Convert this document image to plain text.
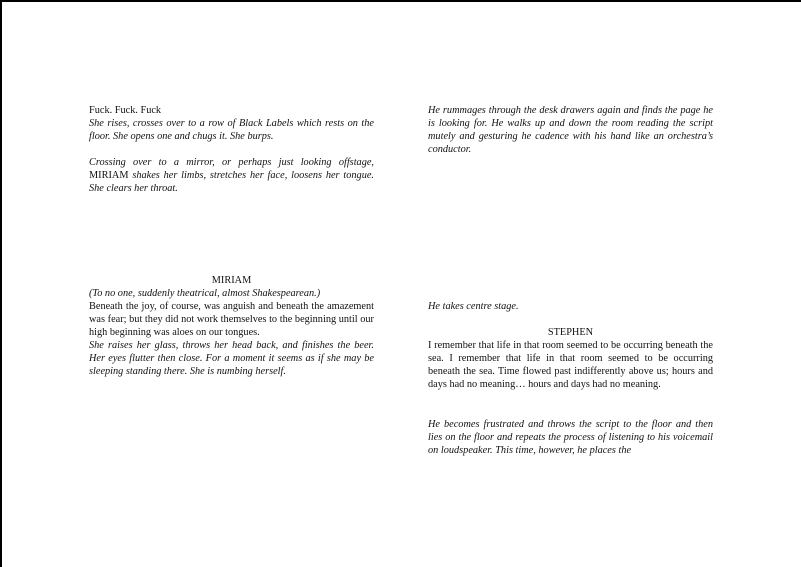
Fuck. Fuck. Fuck

She rises, crosses over to a row of Black Labels which rests on the floor. She opens one and chugs it. She burps.

Crossing over to a mirror, or perhaps just looking offstage, MIRIAM shakes her limbs, stretches her face, loosens her tongue. She clears her throat.

MIRIAM

(To no one, suddenly theatrical, almost Shakespearean.)

Beneath the joy, of course, was anguish and beneath the amazement was fear; but they did not work themselves to the beginning until our high beginning was aloes on our tongues.

She raises her glass, throws her head back, and finishes the beer. Her eyes flutter then close. For a moment it seems as if she may be sleeping standing there. She is numbing herself.

He rummages through the desk drawers again and finds the page he is looking for. He walks up and down the room reading the script mutely and gesturing he cadence with his hand like an orchestra’s conductor.

He takes centre stage.

STEPHEN

I remember that life in that room seemed to be occurring beneath the sea. I remember that life in that room seemed to be occurring beneath the sea. Time flowed past indifferently above us; hours and days had no meaning… hours and days had no meaning.

He becomes frustrated and throws the script to the floor and then lies on the floor and repeats the process of listening to his voicemail on loudspeaker. This time, however, he places the
